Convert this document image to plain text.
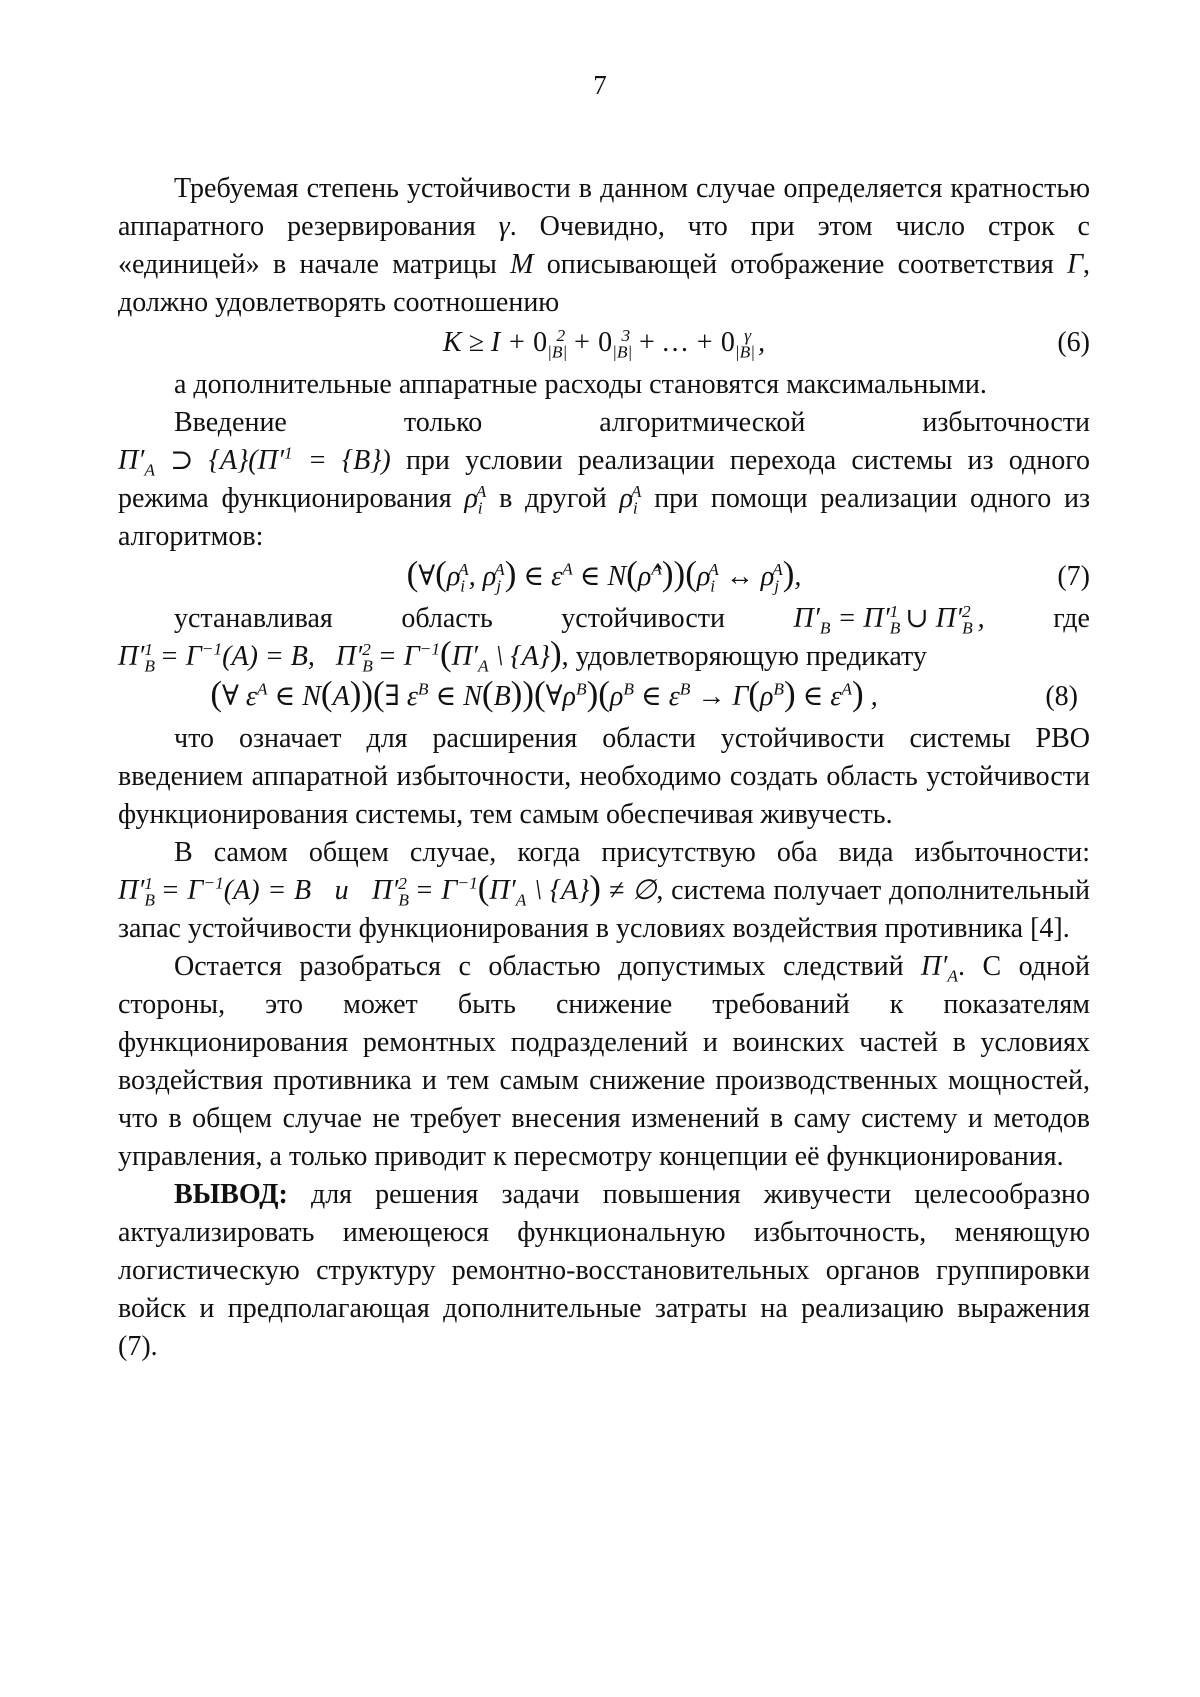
7

Требуемая степень устойчивости в данном случае определяется кратностью аппаратного резервирования γ. Очевидно, что при этом число строк с «единицей» в начале матрицы M описывающей отображение соответствия Γ, должно удовлетворять соотношению

$K \ge I + 0_{|B|}^2 + 0_{|B|}^3$ + … + $0_{|B|}^\gamma$ ,	(6)

а дополнительные аппаратные расходы становятся максимальными.

Введение	только	алгоритмической	избыточности
$\Pi'_A$ ⊃ $\{A\}(\Pi'^1 = \{B\})$ при условии реализации перехода системы из одного режима функционирования $\rho_i^A$ в другой $\rho_i^A$ при помощи реализации одного из алгоритмов:

($\forall(\rho_i^A$, $\rho_j^A$) ∈ $\varepsilon^A$ ∈ $N(\rhô^A))(\rho_i^A$ ↔ $\rho_j^A$),	(7)

устанавливая	область	устойчивости	$\Pi'_B = \Pi'_B^1$ ∪ $\Pi'_B^2$ ,	где
$\Pi'_B^1 = \Gamma^{-1}(A) = B$,   $\Pi'_B^2 = \Gamma^{-1}(\Pi'_A$ \ {A}), удовлетворяющую предикату

(∀ $\varepsilon^A$ ∈ N(A))(∃ $\varepsilon^B$ ∈ $N(B))(\forall\rho^B)(\rho^B$ ∈ $\varepsilon^B \to \Gamma(\rho^B)$ ∈ $\varepsilon^A$) ,	(8)

что означает для расширения области устойчивости системы РВО введением аппаратной избыточности, необходимо создать область устойчивости функционирования системы, тем самым обеспечивая живучесть.

В самом общем случае, когда присутствую оба вида избыточности: $\Pi'_B^1 = \Gamma^{-1}(A) = B$   и   $\Pi'_B^2 = \Gamma^{-1}(\Pi'_A$ \ {A}) ≠ ∅, система получает дополнительный запас устойчивости функционирования в условиях воздействия противника [4].

Остается разобраться с областью допустимых следствий $\Pi'_A$. С одной стороны, это может быть снижение требований к показателям функционирования ремонтных подразделений и воинских частей в условиях воздействия противника и тем самым снижение производственных мощностей, что в общем случае не требует внесения изменений в саму систему и методов управления, а только приводит к пересмотру концепции её функционирования.

ВЫВОД: для решения задачи повышения живучести целесообразно актуализировать имеющеюся функциональную избыточность, меняющую логистическую структуру ремонтно-восстановительных органов группировки войск и предполагающая дополнительные затраты на реализацию выражения (7).
